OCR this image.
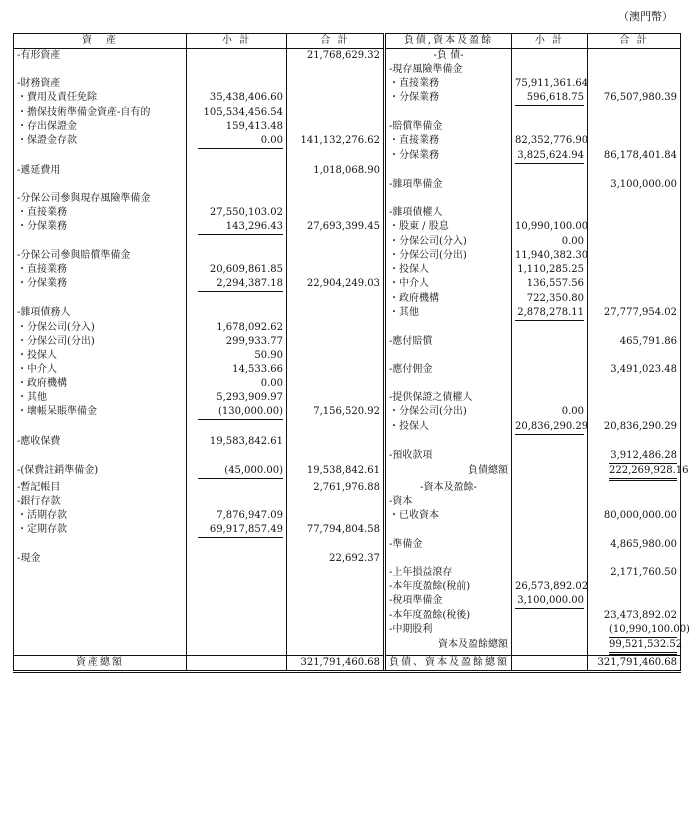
（澳門幣）
資　產	小 計	合 計	負債,資本及盈餘	小 計	合 計
-有形資產		21,768,629.32	-負 債-		
			-現存風險準備金		
-財務資產			・直接業務	75,911,361.64	
・費用及責任免除	35,438,406.60		・分保業務	596,618.75	76,507,980.39
・擔保技術準備金資產-自有的	105,534,456.54				
・存出保證金	159,413.48		-賠償準備金		
・保證金存款	0.00	141,132,276.62	・直接業務	82,352,776.90	
			・分保業務	3,825,624.94	86,178,401.84
-遞延費用		1,018,068.90			
			-雜項準備金		3,100,000.00
-分保公司參與現存風險準備金					
・直接業務	27,550,103.02		-雜項債權人		
・分保業務	143,296.43	27,693,399.45	・股東 / 股息	10,990,100.00	
			・分保公司(分入)	0.00	
-分保公司參與賠償準備金			・分保公司(分出)	11,940,382.30	
・直接業務	20,609,861.85		・投保人	1,110,285.25	
・分保業務	2,294,387.18	22,904,249.03	・中介人	136,557.56	
			・政府機構	722,350.80	
-雜項債務人			・其他	2,878,278.11	27,777,954.02
・分保公司(分入)	1,678,092.62				
・分保公司(分出)	299,933.77		-應付賠償		465,791.86
・投保人	50.90				
・中介人	14,533.66		-應付佣金		3,491,023.48
・政府機構	0.00				
・其他	5,293,909.97		-提供保證之債權人		
・壞帳呆賬準備金	(130,000.00)	7,156,520.92	・分保公司(分出)	0.00	
			・投保人	20,836,290.29	20,836,290.29
-應收保費	19,583,842.61				
			-預收款項		3,912,486.28

-(保費註銷準備金)	(45,000.00)	19,538,842.61	負債總額		222,269,928.16

-暫記帳目		2,761,976.88	-資本及盈餘-		

-銀行存款			-資本		
・活期存款	7,876,947.09		・已收資本		80,000,000.00
・定期存款	69,917,857.49	77,794,804.58			
			-準備金		4,865,980.00
-現金		22,692.37			
			-上年損益滾存		2,171,760.50

			-本年度盈餘(稅前)	26,573,892.02	

			-稅項準備金	3,100,000.00	

			-本年度盈餘(稅後)		23,473,892.02

			-中期股利		(10,990,100.00)

			資本及盈餘總額		99,521,532.52

資產總額		321,791,460.68	負債、資本及盈餘總額		321,791,460.68
